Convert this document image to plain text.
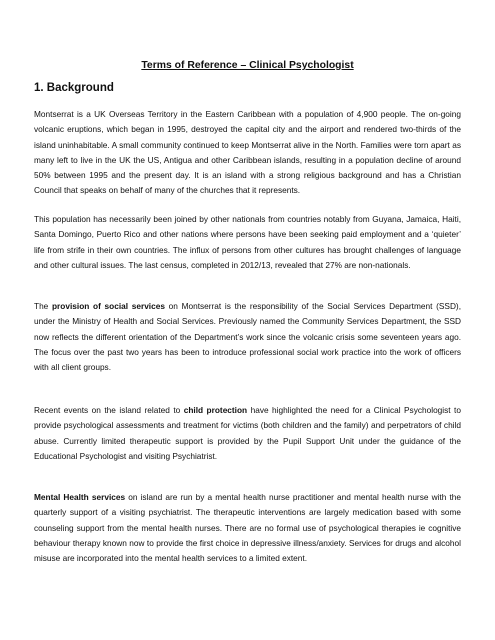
Terms of Reference – Clinical Psychologist
1. Background

Montserrat is a UK Overseas Territory in the Eastern Caribbean with a population of 4,900 people. The on-going volcanic eruptions, which began in 1995, destroyed the capital city and the airport and rendered two-thirds of the island uninhabitable. A small community continued to keep Montserrat alive in the North. Families were torn apart as many left to live in the UK the US, Antigua and other Caribbean islands, resulting in a population decline of around 50% between 1995 and the present day. It is an island with a strong religious background and has a Christian Council that speaks on behalf of many of the churches that it represents.

This population has necessarily been joined by other nationals from countries notably from Guyana, Jamaica, Haiti, Santa Domingo, Puerto Rico and other nations where persons have been seeking paid employment and a ‘quieter’ life from strife in their own countries. The influx of persons from other cultures has brought challenges of language and other cultural issues. The last census, completed in 2012/13, revealed that 27% are non-nationals.

The provision of social services on Montserrat is the responsibility of the Social Services Department (SSD), under the Ministry of Health and Social Services. Previously named the Community Services Department, the SSD now reflects the different orientation of the Department’s work since the volcanic crisis some seventeen years ago. The focus over the past two years has been to introduce professional social work practice into the work of officers with all client groups.

Recent events on the island related to child protection have highlighted the need for a Clinical Psychologist to provide psychological assessments and treatment for victims (both children and the family) and perpetrators of child abuse. Currently limited therapeutic support is provided by the Pupil Support Unit under the guidance of the Educational Psychologist and visiting Psychiatrist.

Mental Health services on island are run by a mental health nurse practitioner and mental health nurse with the quarterly support of a visiting psychiatrist. The therapeutic interventions are largely medication based with some counseling support from the mental health nurses. There are no formal use of psychological therapies ie cognitive behaviour therapy known now to provide the first choice in depressive illness/anxiety. Services for drugs and alcohol misuse are incorporated into the mental health services to a limited extent.
